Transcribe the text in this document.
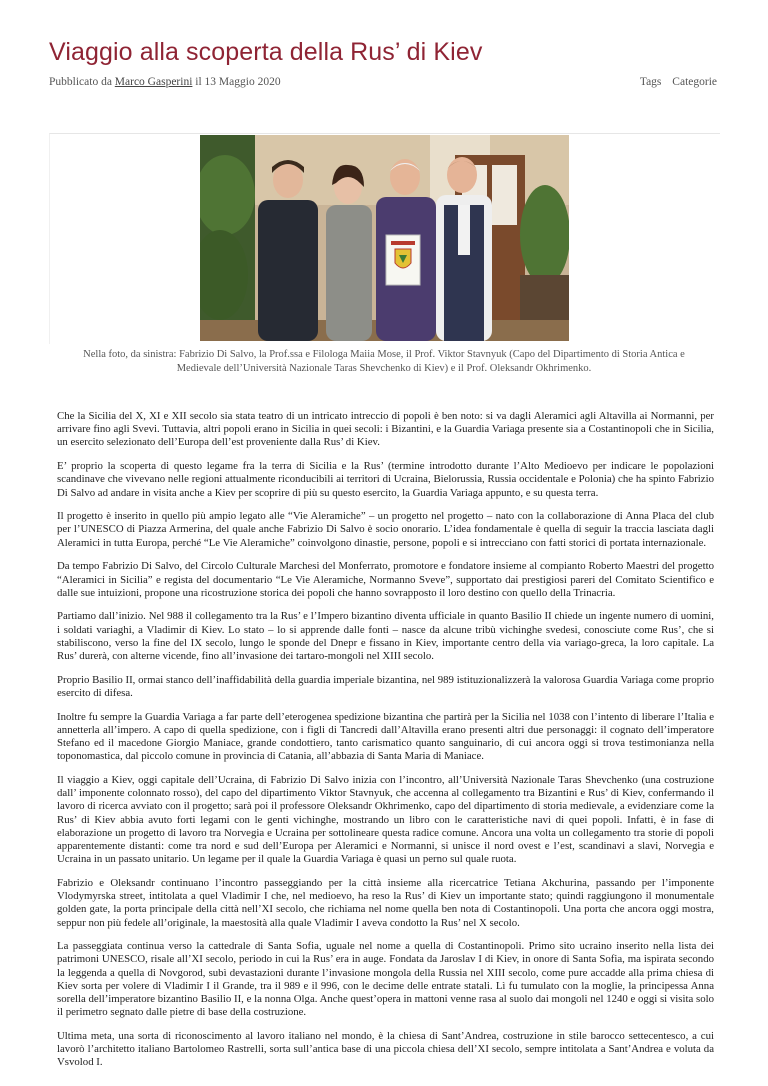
Viaggio alla scoperta della Rus’ di Kiev
Pubblicato da Marco Gasperini il 13 Maggio 2020	Tags Categorie
Nella foto, da sinistra: Fabrizio Di Salvo, la Prof.ssa e Filologa Maiia Mose, il Prof. Viktor Stavnyuk (Capo del Dipartimento di Storia Antica e Medievale dell’Università Nazionale Taras Shevchenko di Kiev) e il Prof. Oleksandr Okhrimenko.

Che la Sicilia del X, XI e XII secolo sia stata teatro di un intricato intreccio di popoli è ben noto: si va dagli Aleramici agli Altavilla ai Normanni, per arrivare fino agli Svevi. Tuttavia, altri popoli erano in Sicilia in quei secoli: i Bizantini, e la Guardia Variaga presente sia a Costantinopoli che in Sicilia, un esercito selezionato dell’Europa dell’est proveniente dalla Rus’ di Kiev.

E’ proprio la scoperta di questo legame fra la terra di Sicilia e la Rus’ (termine introdotto durante l’Alto Medioevo per indicare le popolazioni scandinave che vivevano nelle regioni attualmente riconducibili ai territori di Ucraina, Bielorussia, Russia occidentale e Polonia) che ha spinto Fabrizio Di Salvo ad andare in visita anche a Kiev per scoprire di più su questo esercito, la Guardia Variaga appunto, e su questa terra.

Il progetto è inserito in quello più ampio legato alle “Vie Aleramiche” – un progetto nel progetto – nato con la collaborazione di Anna Placa del club per l’UNESCO di Piazza Armerina, del quale anche Fabrizio Di Salvo è socio onorario. L’idea fondamentale è quella di seguir la traccia lasciata dagli Aleramici in tutta Europa, perché “Le Vie Aleramiche” coinvolgono dinastie, persone, popoli e si intrecciano con fatti storici di portata internazionale.

Da tempo Fabrizio Di Salvo, del Circolo Culturale Marchesi del Monferrato, promotore e fondatore insieme al compianto Roberto Maestri del progetto “Aleramici in Sicilia” e regista del documentario “Le Vie Aleramiche, Normanno Sveve”, supportato dai prestigiosi pareri del Comitato Scientifico e dalle sue intuizioni, propone una ricostruzione storica dei popoli che hanno sovrapposto il loro destino con quello della Trinacria.

Partiamo dall’inizio. Nel 988 il collegamento tra la Rus’ e l’Impero bizantino diventa ufficiale in quanto Basilio II chiede un ingente numero di uomini, i soldati variaghi, a Vladimir di Kiev. Lo stato – lo si apprende dalle fonti – nasce da alcune tribù vichinghe svedesi, conosciute come Rus’, che si stabiliscono, verso la fine del IX secolo, lungo le sponde del Dnepr e fissano in Kiev, importante centro della via variago-greca, la loro capitale. La Rus’ durerà, con alterne vicende, fino all’invasione dei tartaro-mongoli nel XIII secolo.

Proprio Basilio II, ormai stanco dell’inaffidabilità della guardia imperiale bizantina, nel 989 istituzionalizzerà la valorosa Guardia Variaga come proprio esercito di difesa.

Inoltre fu sempre la Guardia Variaga a far parte dell’eterogenea spedizione bizantina che partirà per la Sicilia nel 1038 con l’intento di liberare l’Italia e annetterla all’impero. A capo di quella spedizione, con i figli di Tancredi dall’Altavilla erano presenti altri due personaggi: il cognato dell’imperatore Stefano ed il macedone Giorgio Maniace, grande condottiero, tanto carismatico quanto sanguinario, di cui ancora oggi si trova testimonianza nella toponomastica, dal piccolo comune in provincia di Catania, all’abbazia di Santa Maria di Maniace.

Il viaggio a Kiev, oggi capitale dell’Ucraina, di Fabrizio Di Salvo inizia con l’incontro, all’Università Nazionale Taras Shevchenko (una costruzione dall’ imponente colonnato rosso), del capo del dipartimento Viktor Stavnyuk, che accenna al collegamento tra Bizantini e Rus’ di Kiev, confermando il lavoro di ricerca avviato con il progetto; sarà poi il professore Oleksandr Okhrimenko, capo del dipartimento di storia medievale, a evidenziare come la Rus’ di Kiev abbia avuto forti legami con le genti vichinghe, mostrando un libro con le caratteristiche navi di quei popoli. Infatti, è in fase di elaborazione un progetto di lavoro tra Norvegia e Ucraina per sottolineare questa radice comune. Ancora una volta un collegamento tra storie di popoli apparentemente distanti: come tra nord e sud dell’Europa per Aleramici e Normanni, si unisce il nord ovest e l’est, scandinavi a slavi, Norvegia e Ucraina in un passato unitario. Un legame per il quale la Guardia Variaga è quasi un perno sul quale ruota.

Fabrizio e Oleksandr continuano l’incontro passeggiando per la città insieme alla ricercatrice Tetiana Akchurina, passando per l’imponente Vlodymyrska street, intitolata a quel Vladimir I che, nel medioevo, ha reso la Rus’ di Kiev un importante stato; quindi raggiungono il monumentale golden gate, la porta principale della città nell’XI secolo, che richiama nel nome quella ben nota di Costantinopoli. Una porta che ancora oggi mostra, seppur non più fedele all’originale, la maestosità alla quale Vladimir I aveva condotto la Rus’ nel X secolo.

La passeggiata continua verso la cattedrale di Santa Sofia, uguale nel nome a quella di Costantinopoli. Primo sito ucraino inserito nella lista dei patrimoni UNESCO, risale all’XI secolo, periodo in cui la Rus’ era in auge. Fondata da Jaroslav I di Kiev, in onore di Santa Sofia, ma ispirata secondo la leggenda a quella di Novgorod, subì devastazioni durante l’invasione mongola della Russia nel XIII secolo, come pure accadde alla prima chiesa di Kiev sorta per volere di Vladimir I il Grande, tra il 989 e il 996, con le decime delle entrate statali. Lì fu tumulato con la moglie, la principessa Anna sorella dell’imperatore bizantino Basilio II, e la nonna Olga. Anche quest’opera in mattoni venne rasa al suolo dai mongoli nel 1240 e oggi si visita solo il perimetro segnato dalle pietre di base della costruzione.

Ultima meta, una sorta di riconoscimento al lavoro italiano nel mondo, è la chiesa di Sant’Andrea, costruzione in stile barocco settecentesco, a cui lavorò l’architetto italiano Bartolomeo Rastrelli, sorta sull’antica base di una piccola chiesa dell’XI secolo, sempre intitolata a Sant’Andrea e voluta da Vsvolod I.
